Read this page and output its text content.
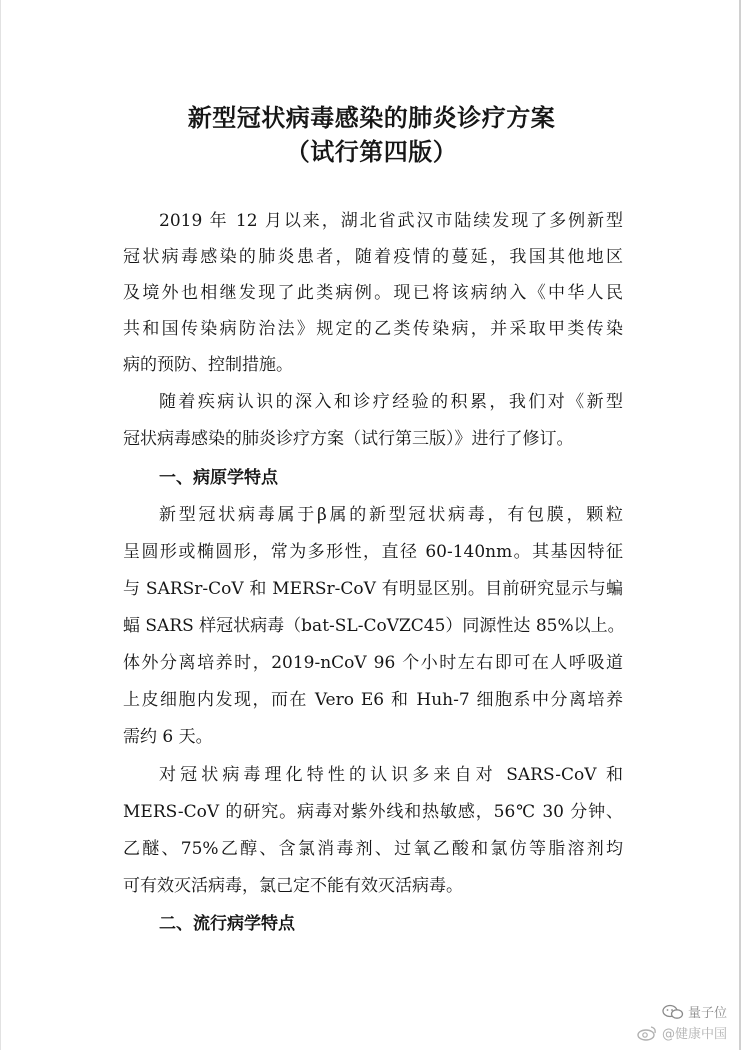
新型冠状病毒感染的肺炎诊疗方案
（试行第四版）
2019 年 12 月以来，湖北省武汉市陆续发现了多例新型
冠状病毒感染的肺炎患者，随着疫情的蔓延，我国其他地区
及境外也相继发现了此类病例。现已将该病纳入《中华人民
共和国传染病防治法》规定的乙类传染病，并采取甲类传染
病的预防、控制措施。
随着疾病认识的深入和诊疗经验的积累，我们对《新型
冠状病毒感染的肺炎诊疗方案（试行第三版）》进行了修订。
一、病原学特点
新型冠状病毒属于β属的新型冠状病毒，有包膜，颗粒
呈圆形或椭圆形，常为多形性，直径 60-140nm。其基因特征
与 SARSr-CoV 和 MERSr-CoV 有明显区别。目前研究显示与蝙
蝠 SARS 样冠状病毒（bat-SL-CoVZC45）同源性达 85%以上。
体外分离培养时，2019-nCoV 96 个小时左右即可在人呼吸道
上皮细胞内发现，而在 Vero E6 和 Huh-7 细胞系中分离培养
需约 6 天。
对冠状病毒理化特性的认识多来自对 SARS-CoV 和
MERS-CoV 的研究。病毒对紫外线和热敏感，56℃ 30 分钟、
乙醚、75%乙醇、含氯消毒剂、过氧乙酸和氯仿等脂溶剂均
可有效灭活病毒，氯己定不能有效灭活病毒。
二、流行病学特点
量子位
@健康中国
